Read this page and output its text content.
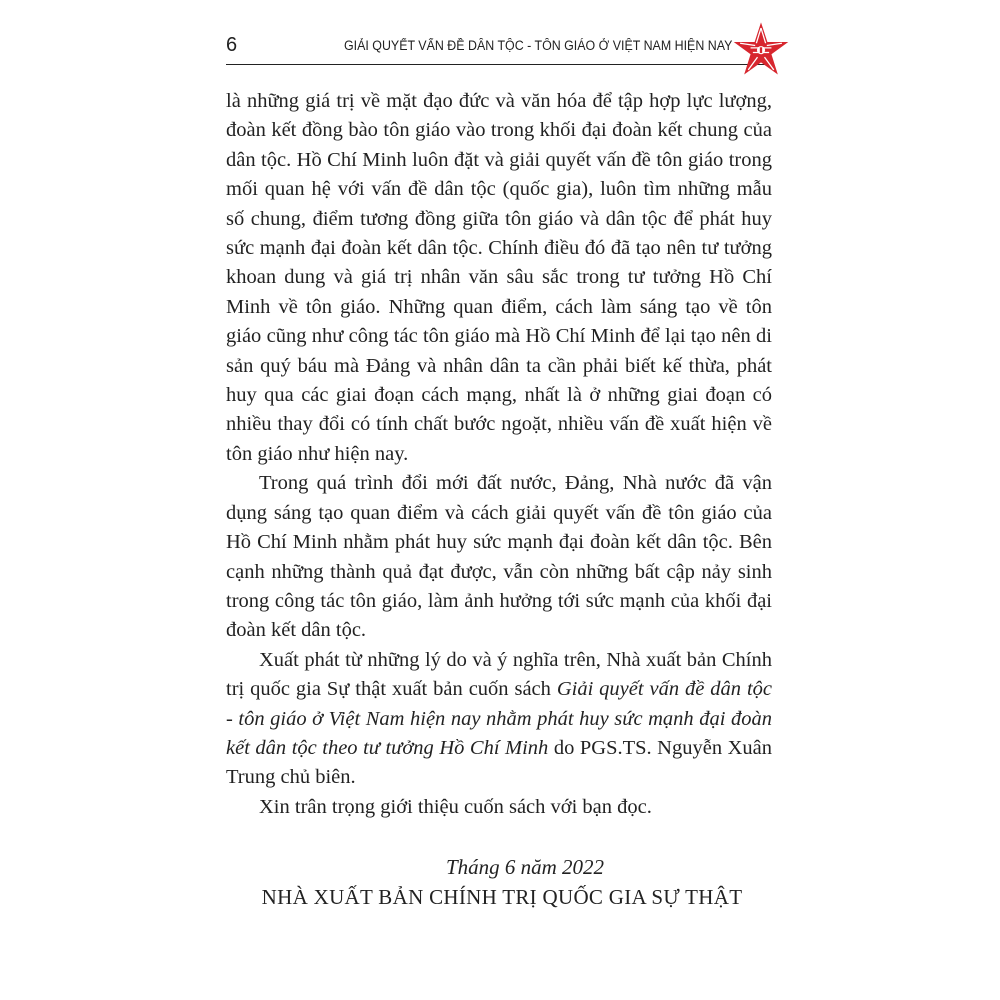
6	GIẢI QUYẾT VẤN ĐỀ DÂN TỘC - TÔN GIÁO Ở VIỆT NAM HIỆN NAY

là những giá trị về mặt đạo đức và văn hóa để tập hợp lực lượng, đoàn kết đồng bào tôn giáo vào trong khối đại đoàn kết chung của dân tộc. Hồ Chí Minh luôn đặt và giải quyết vấn đề tôn giáo trong mối quan hệ với vấn đề dân tộc (quốc gia), luôn tìm những mẫu số chung, điểm tương đồng giữa tôn giáo và dân tộc để phát huy sức mạnh đại đoàn kết dân tộc. Chính điều đó đã tạo nên tư tưởng khoan dung và giá trị nhân văn sâu sắc trong tư tưởng Hồ Chí Minh về tôn giáo. Những quan điểm, cách làm sáng tạo về tôn giáo cũng như công tác tôn giáo mà Hồ Chí Minh để lại tạo nên di sản quý báu mà Đảng và nhân dân ta cần phải biết kế thừa, phát huy qua các giai đoạn cách mạng, nhất là ở những giai đoạn có nhiều thay đổi có tính chất bước ngoặt, nhiều vấn đề xuất hiện về tôn giáo như hiện nay.

Trong quá trình đổi mới đất nước, Đảng, Nhà nước đã vận dụng sáng tạo quan điểm và cách giải quyết vấn đề tôn giáo của Hồ Chí Minh nhằm phát huy sức mạnh đại đoàn kết dân tộc. Bên cạnh những thành quả đạt được, vẫn còn những bất cập nảy sinh trong công tác tôn giáo, làm ảnh hưởng tới sức mạnh của khối đại đoàn kết dân tộc.

Xuất phát từ những lý do và ý nghĩa trên, Nhà xuất bản Chính trị quốc gia Sự thật xuất bản cuốn sách Giải quyết vấn đề dân tộc - tôn giáo ở Việt Nam hiện nay nhằm phát huy sức mạnh đại đoàn kết dân tộc theo tư tưởng Hồ Chí Minh do PGS.TS. Nguyễn Xuân Trung chủ biên.

Xin trân trọng giới thiệu cuốn sách với bạn đọc.

Tháng 6 năm 2022
NHÀ XUẤT BẢN CHÍNH TRỊ QUỐC GIA SỰ THẬT
